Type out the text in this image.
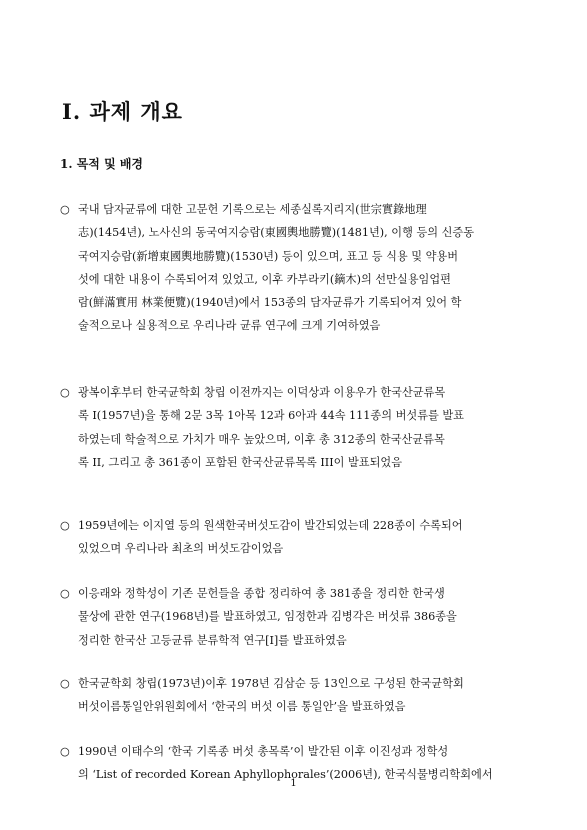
Ⅰ. 과제 개요
1. 목적 및 배경
○ 국내 담자균류에 대한 고문헌 기록으로는 세종실록지리지(世宗實錄地理
志)(1454년), 노사신의 동국여지승람(東國輿地勝覽)(1481년), 이행 등의 신증동
국여지승람(新增東國輿地勝覽)(1530년) 등이 있으며, 표고 등 식용 및 약용버
섯에 대한 내용이 수록되어져 있었고, 이후 카부라키(鏑木)의 선만실용임업편
람(鮮滿實用 林業便覽)(1940년)에서 153종의 담자균류가 기록되어져 있어 학
술적으로나 실용적으로 우리나라 균류 연구에 크게 기여하였음
○ 광복이후부터 한국균학회 창립 이전까지는 이덕상과 이용우가 한국산균류목
록 I(1957년)을 통해 2문 3목 1아목 12과 6아과 44속 111종의 버섯류를 발표
하였는데 학술적으로 가치가 매우 높았으며, 이후 총 312종의 한국산균류목
록 II, 그리고 총 361종이 포함된 한국산균류목록 III이 발표되었음
○ 1959년에는 이지열 등의 원색한국버섯도감이 발간되었는데 228종이 수록되어
있었으며 우리나라 최초의 버섯도감이었음
○ 이응래와 정학성이 기존 문헌들을 종합 정리하여 총 381종을 정리한 한국생
물상에 관한 연구(1968년)를 발표하였고, 임정한과 김병각은 버섯류 386종을
정리한 한국산 고등균류 분류학적 연구[I]를 발표하였음
○ 한국균학회 창립(1973년)이후 1978년 김삼순 등 13인으로 구성된 한국균학회
버섯이름통일안위원회에서 ‘한국의 버섯 이름 통일안’을 발표하였음
○ 1990년 이태수의 ‘한국 기록종 버섯 총목록’이 발간된 이후 이진성과 정학성
의 ‘List of recorded Korean Aphyllophorales’(2006년), 한국식물병리학회에서
1
